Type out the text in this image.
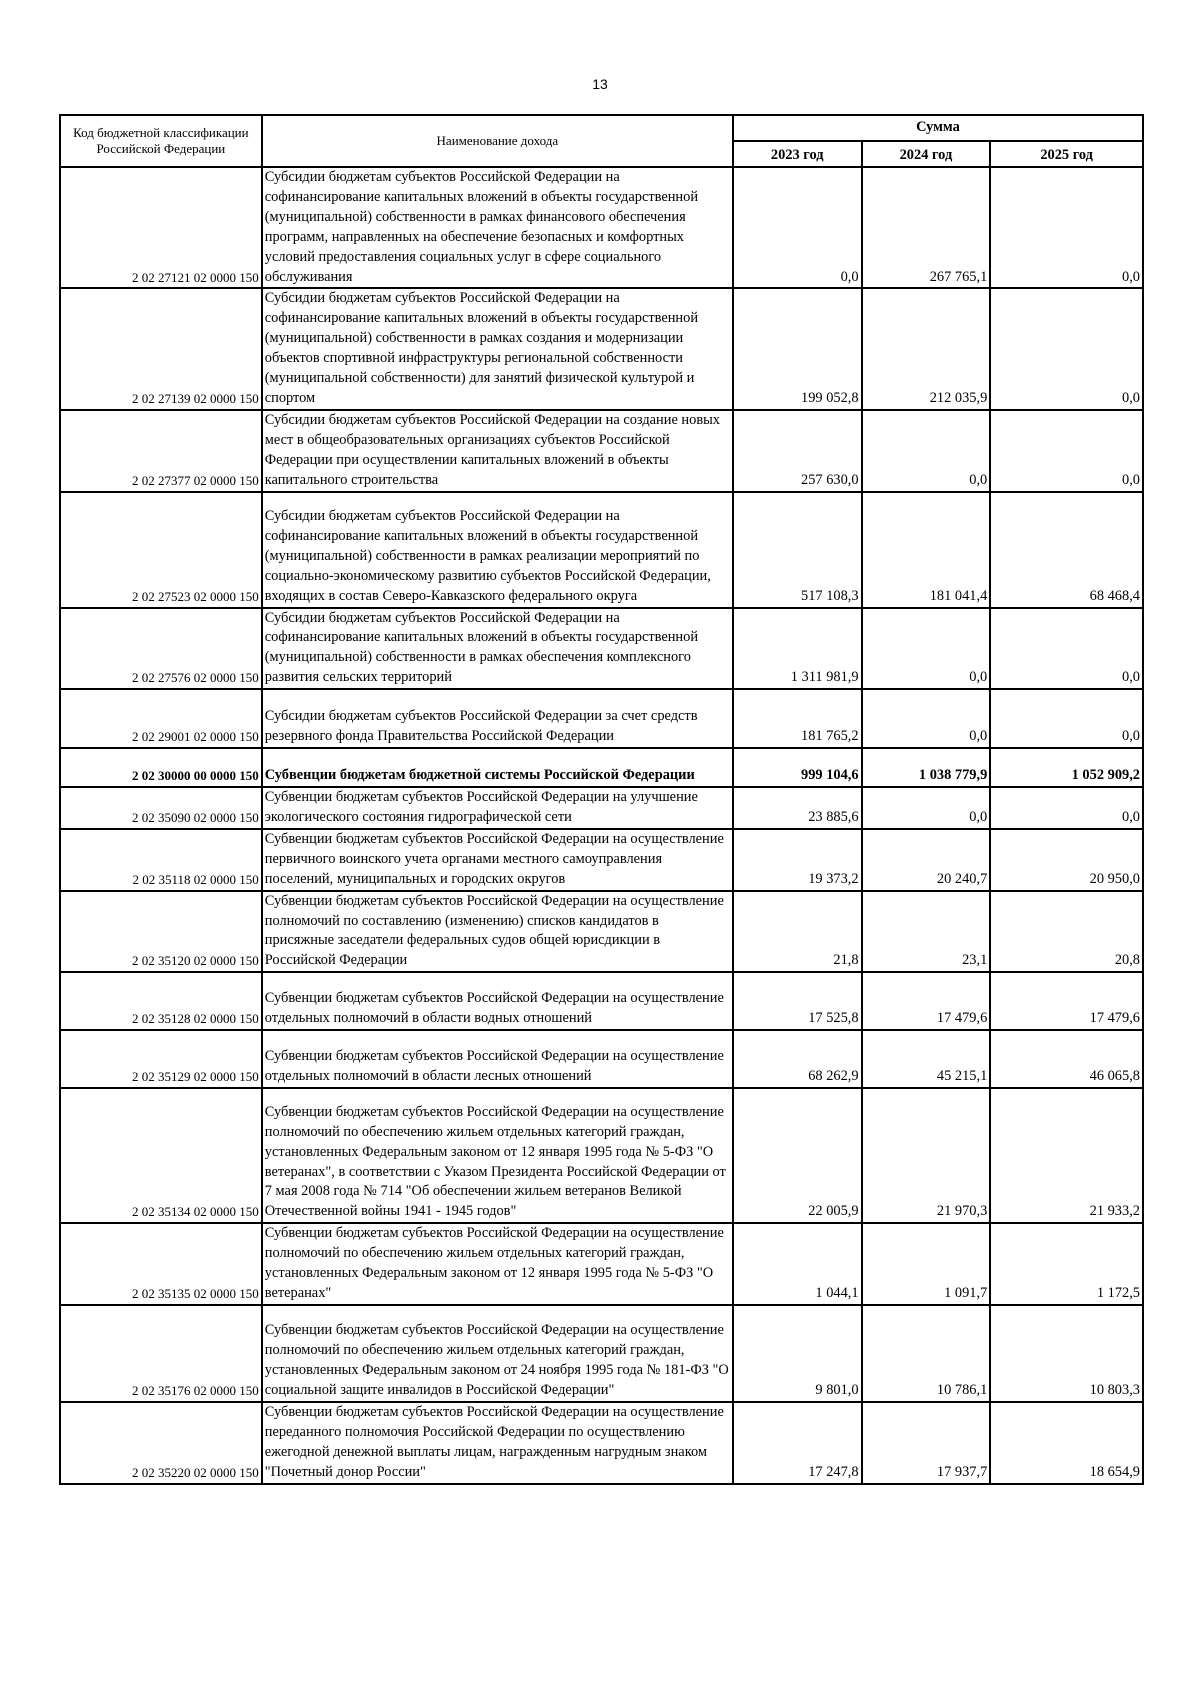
13
Код бюджетной классификации Российской Федерации	Наименование дохода	Сумма		
		2023 год	2024 год	2025 год
2 02 27121 02 0000 150	Субсидии бюджетам субъектов Российской Федерации на софинансирование капитальных вложений в объекты государственной (муниципальной) собственности в рамках финансового обеспечения программ, направленных на обеспечение безопасных и комфортных условий предоставления социальных услуг в сфере социального обслуживания	0,0	267 765,1	0,0
2 02 27139 02 0000 150	Субсидии бюджетам субъектов Российской Федерации на софинансирование капитальных вложений в объекты государственной (муниципальной) собственности в рамках создания и модернизации объектов спортивной инфраструктуры региональной собственности (муниципальной собственности) для занятий физической культурой и спортом	199 052,8	212 035,9	0,0
2 02 27377 02 0000 150	Субсидии бюджетам субъектов Российской Федерации на создание новых мест в общеобразовательных организациях субъектов Российской Федерации при осуществлении капитальных вложений в объекты капитального строительства	257 630,0	0,0	0,0
2 02 27523 02 0000 150	Субсидии бюджетам субъектов Российской Федерации на софинансирование капитальных вложений в объекты государственной (муниципальной) собственности в рамках реализации мероприятий по социально-экономическому развитию субъектов Российской Федерации, входящих в состав Северо-Кавказского федерального округа	517 108,3	181 041,4	68 468,4
2 02 27576 02 0000 150	Субсидии бюджетам субъектов Российской Федерации на софинансирование капитальных вложений в объекты государственной (муниципальной) собственности в рамках обеспечения комплексного развития сельских территорий	1 311 981,9	0,0	0,0
2 02 29001 02 0000 150	Субсидии бюджетам субъектов Российской Федерации за счет средств резервного фонда Правительства Российской Федерации	181 765,2	0,0	0,0
2 02 30000 00 0000 150	Субвенции бюджетам бюджетной системы Российской Федерации	999 104,6	1 038 779,9	1 052 909,2
2 02 35090 02 0000 150	Субвенции бюджетам субъектов Российской Федерации на улучшение экологического состояния гидрографической сети	23 885,6	0,0	0,0
2 02 35118 02 0000 150	Субвенции бюджетам субъектов Российской Федерации на осуществление первичного воинского учета органами местного самоуправления поселений, муниципальных и городских округов	19 373,2	20 240,7	20 950,0
2 02 35120 02 0000 150	Субвенции бюджетам субъектов Российской Федерации на осуществление полномочий по составлению (изменению) списков кандидатов в присяжные заседатели федеральных судов общей юрисдикции в Российской Федерации	21,8	23,1	20,8
2 02 35128 02 0000 150	Субвенции бюджетам субъектов Российской Федерации на осуществление отдельных полномочий в области водных отношений	17 525,8	17 479,6	17 479,6
2 02 35129 02 0000 150	Субвенции бюджетам субъектов Российской Федерации на осуществление отдельных полномочий в области лесных отношений	68 262,9	45 215,1	46 065,8
2 02 35134 02 0000 150	Субвенции бюджетам субъектов Российской Федерации на осуществление полномочий по обеспечению жильем отдельных категорий граждан, установленных Федеральным законом от 12 января 1995 года № 5-ФЗ "О ветеранах", в соответствии с Указом Президента Российской Федерации от 7 мая 2008 года № 714 "Об обеспечении жильем ветеранов Великой Отечественной войны 1941 - 1945 годов"	22 005,9	21 970,3	21 933,2
2 02 35135 02 0000 150	Субвенции бюджетам субъектов Российской Федерации на осуществление полномочий по обеспечению жильем отдельных категорий граждан, установленных Федеральным законом от 12 января 1995 года № 5-ФЗ "О ветеранах"	1 044,1	1 091,7	1 172,5
2 02 35176 02 0000 150	Субвенции бюджетам субъектов Российской Федерации на осуществление полномочий по обеспечению жильем отдельных категорий граждан, установленных Федеральным законом от 24 ноября 1995 года № 181-ФЗ "О социальной защите инвалидов в Российской Федерации"	9 801,0	10 786,1	10 803,3
2 02 35220 02 0000 150	Субвенции бюджетам субъектов Российской Федерации на осуществление переданного полномочия Российской Федерации по осуществлению ежегодной денежной выплаты лицам, награжденным нагрудным знаком "Почетный донор России"	17 247,8	17 937,7	18 654,9
